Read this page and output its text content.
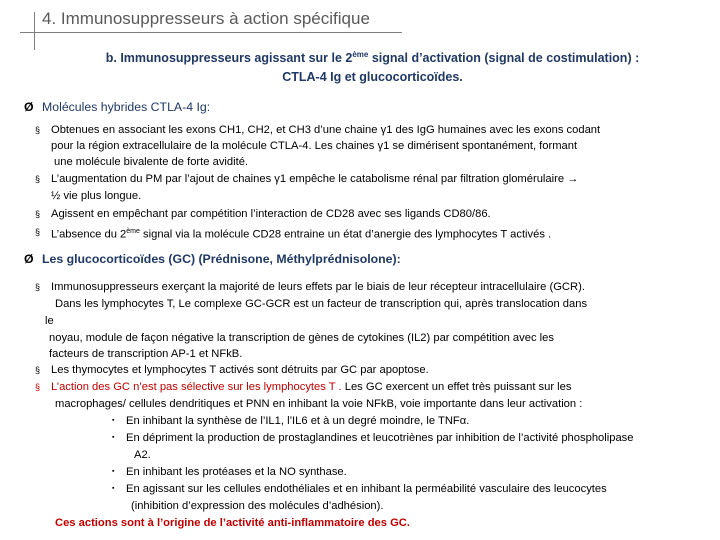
4. Immunosuppresseurs à action spécifique
b. Immunosuppresseurs agissant sur le 2ème signal d’activation (signal de costimulation) :
CTLA-4 Ig et glucocorticoïdes.
Ø Molécules hybrides CTLA-4 Ig:
§ Obtenues en associant les exons CH1, CH2, et CH3 d’une chaine γ1 des IgG humaines avec les exons codant
pour la région extracellulaire de la molécule CTLA-4. Les chaines γ1 se dimérisent spontanément, formant
une molécule bivalente de forte avidité.
§ L’augmentation du PM par l’ajout de chaines γ1 empêche le catabolisme rénal par filtration glomérulaire →
½ vie plus longue.
§ Agissent en empêchant par compétition l’interaction de CD28 avec ses ligands CD80/86.
§ L’absence du 2ème signal via la molécule CD28 entraine un état d’anergie des lymphocytes T activés .
Ø Les glucocorticoïdes (GC) (Prédnisone, Méthylprédnisolone):
§ Immunosuppresseurs exerçant la majorité de leurs effets par le biais de leur récepteur intracellulaire (GCR).
Dans les lymphocytes T, Le complexe GC-GCR est un facteur de transcription qui, après translocation dans
le
noyau, module de façon négative la transcription de gènes de cytokines (IL2) par compétition avec les
facteurs de transcription AP-1 et NFkB.
§ Les thymocytes et lymphocytes T activés sont détruits par GC par apoptose.
§ L’action des GC n’est pas sélective sur les lymphocytes T . Les GC exercent un effet très puissant sur les
macrophages/ cellules dendritiques et PNN en inhibant la voie NFkB, voie importante dans leur activation :
▪ En inhibant la synthèse de l’IL1, l’IL6 et à un degré moindre, le TNFα.
▪ En dépriment la production de prostaglandines et leucotriènes par inhibition de l’activité phospholipase
A2.
▪ En inhibant les protéases et la NO synthase.
▪ En agissant sur les cellules endothéliales et en inhibant la perméabilité vasculaire des leucocytes
(inhibition d’expression des molécules d’adhésion).
Ces actions sont à l’origine de l’activité anti-inflammatoire des GC.
